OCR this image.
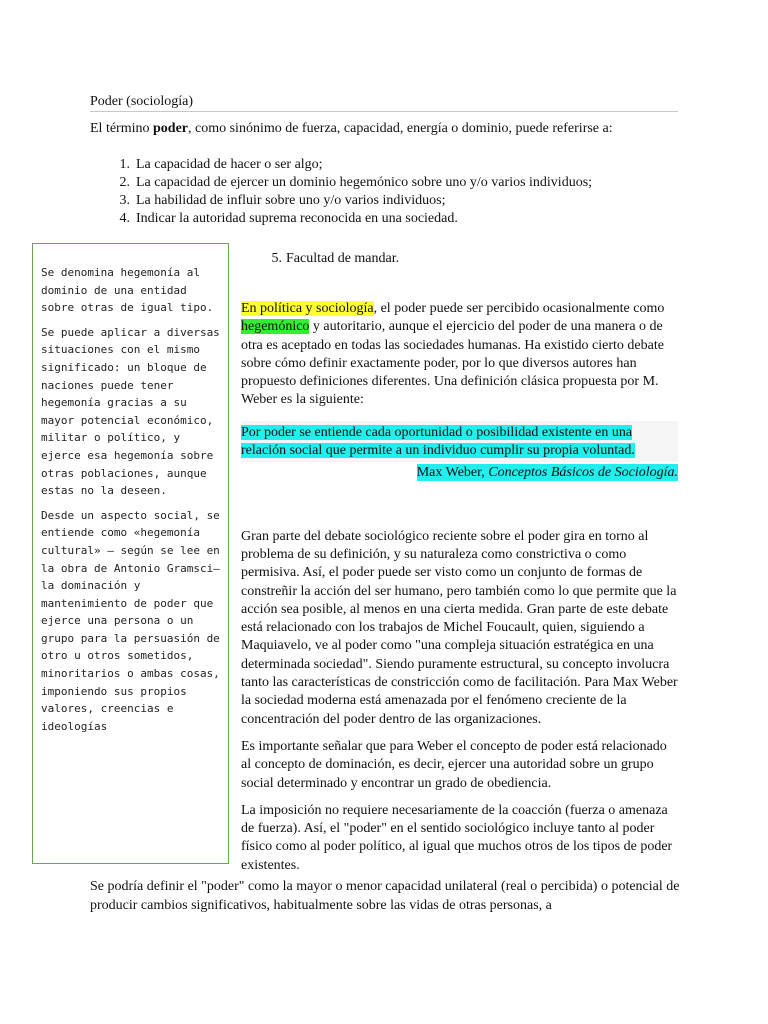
Poder (sociología)

El término poder, como sinónimo de fuerza, capacidad, energía o dominio, puede referirse a:

1. La capacidad de hacer o ser algo;
2. La capacidad de ejercer un dominio hegemónico sobre uno y/o varios individuos;
3. La habilidad de influir sobre uno y/o varios individuos;
4. Indicar la autoridad suprema reconocida en una sociedad.
5. Facultad de mandar.

Se denomina hegemonía al dominio de una entidad sobre otras de igual tipo.

Se puede aplicar a diversas situaciones con el mismo significado: un bloque de naciones puede tener hegemonía gracias a su mayor potencial económico, militar o político, y ejerce esa hegemonía sobre otras poblaciones, aunque estas no la deseen.

Desde un aspecto social, se entiende como «hegemonía cultural» — según se lee en la obra de Antonio Gramsci— la dominación y mantenimiento de poder que ejerce una persona o un grupo para la persuasión de otro u otros sometidos, minoritarios o ambas cosas, imponiendo sus propios valores, creencias e ideologías

En política y sociología, el poder puede ser percibido ocasionalmente como hegemónico y autoritario, aunque el ejercicio del poder de una manera o de otra es aceptado en todas las sociedades humanas. Ha existido cierto debate sobre cómo definir exactamente poder, por lo que diversos autores han propuesto definiciones diferentes. Una definición clásica propuesta por M. Weber es la siguiente:

Por poder se entiende cada oportunidad o posibilidad existente en una relación social que permite a un individuo cumplir su propia voluntad.
Max Weber, Conceptos Básicos de Sociología.

Gran parte del debate sociológico reciente sobre el poder gira en torno al problema de su definición, y su naturaleza como constrictiva o como permisiva. Así, el poder puede ser visto como un conjunto de formas de constreñir la acción del ser humano, pero también como lo que permite que la acción sea posible, al menos en una cierta medida. Gran parte de este debate está relacionado con los trabajos de Michel Foucault, quien, siguiendo a Maquiavelo, ve al poder como "una compleja situación estratégica en una determinada sociedad". Siendo puramente estructural, su concepto involucra tanto las características de constricción como de facilitación. Para Max Weber la sociedad moderna está amenazada por el fenómeno creciente de la concentración del poder dentro de las organizaciones.

Es importante señalar que para Weber el concepto de poder está relacionado al concepto de dominación, es decir, ejercer una autoridad sobre un grupo social determinado y encontrar un grado de obediencia.

La imposición no requiere necesariamente de la coacción (fuerza o amenaza de fuerza). Así, el "poder" en el sentido sociológico incluye tanto al poder físico como al poder político, al igual que muchos otros de los tipos de poder existentes.

Se podría definir el "poder" como la mayor o menor capacidad unilateral (real o percibida) o potencial de producir cambios significativos, habitualmente sobre las vidas de otras personas, a
